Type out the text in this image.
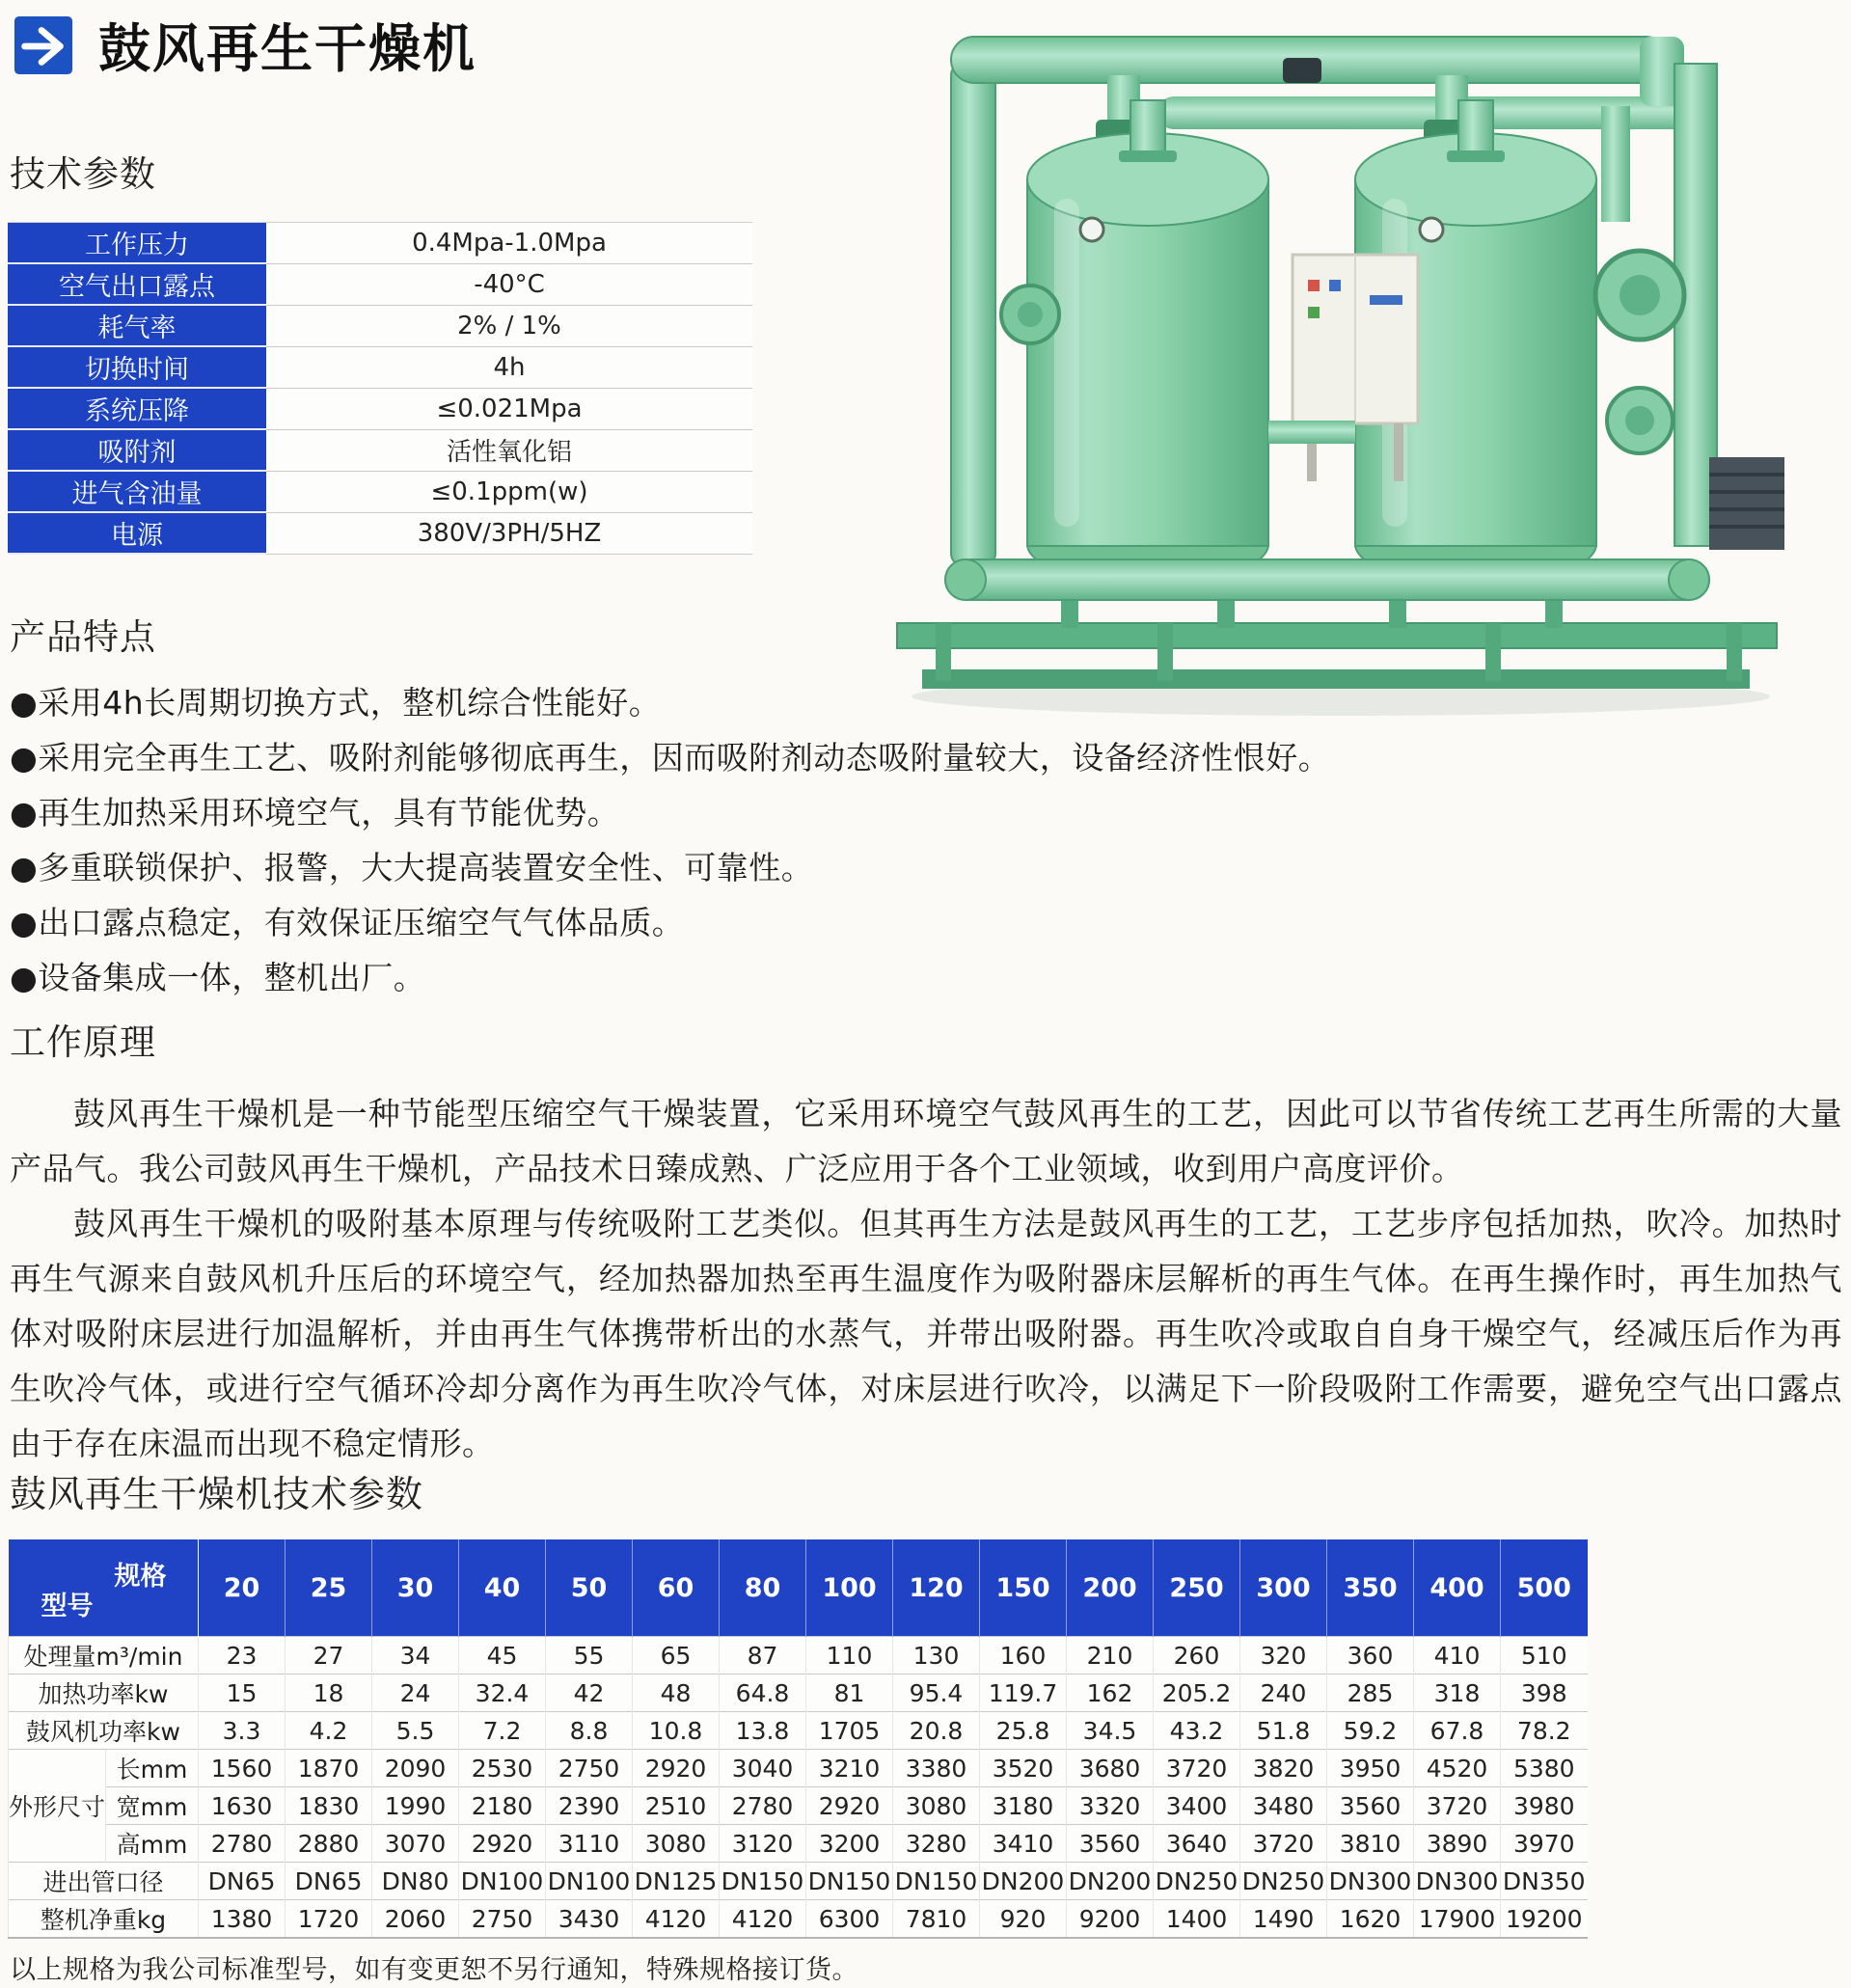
鼓风再生干燥机
技术参数
工作压力	0.4Mpa-1.0Mpa
空气出口露点	-40°C
耗气率	2% / 1%
切换时间	4h
系统压降	≤0.021Mpa
吸附剂	活性氧化铝
进气含油量	≤0.1ppm(w)
电源	380V/3PH/5HZ
产品特点
●采用4h长周期切换方式，整机综合性能好。
●采用完全再生工艺、吸附剂能够彻底再生，因而吸附剂动态吸附量较大，设备经济性恨好。
●再生加热采用环境空气，具有节能优势。
●多重联锁保护、报警，大大提高装置安全性、可靠性。
●出口露点稳定，有效保证压缩空气气体品质。
●设备集成一体，整机出厂。
工作原理

鼓风再生干燥机是一种节能型压缩空气干燥装置，它采用环境空气鼓风再生的工艺，因此可以节省传统工艺再生所需的大量产品气。我公司鼓风再生干燥机，产品技术日臻成熟、广泛应用于各个工业领域，收到用户高度评价。

鼓风再生干燥机的吸附基本原理与传统吸附工艺类似。但其再生方法是鼓风再生的工艺，工艺步序包括加热，吹冷。加热时再生气源来自鼓风机升压后的环境空气，经加热器加热至再生温度作为吸附器床层解析的再生气体。在再生操作时，再生加热气体对吸附床层进行加温解析，并由再生气体携带析出的水蒸气，并带出吸附器。再生吹冷或取自自身干燥空气，经减压后作为再生吹冷气体，或进行空气循环冷却分离作为再生吹冷气体，对床层进行吹冷，以满足下一阶段吸附工作需要，避免空气出口露点由于存在床温而出现不稳定情形。

鼓风再生干燥机技术参数
规格
型号		20	25	30	40	50	60	80	100	120	150	200	250	300	350	400	500
处理量m³/min		23	27	34	45	55	65	87	110	130	160	210	260	320	360	410	510
加热功率kw		15	18	24	32.4	42	48	64.8	81	95.4	119.7	162	205.2	240	285	318	398
鼓风机功率kw		3.3	4.2	5.5	7.2	8.8	10.8	13.8	1705	20.8	25.8	34.5	43.2	51.8	59.2	67.8	78.2
外形尺寸	长mm	1560	1870	2090	2530	2750	2920	3040	3210	3380	3520	3680	3720	3820	3950	4520	5380
	宽mm	1630	1830	1990	2180	2390	2510	2780	2920	3080	3180	3320	3400	3480	3560	3720	3980
	高mm	2780	2880	3070	2920	3110	3080	3120	3200	3280	3410	3560	3640	3720	3810	3890	3970
进出管口径		DN65	DN65	DN80	DN100	DN100	DN125	DN150	DN150	DN150	DN200	DN200	DN250	DN250	DN300	DN300	DN350
整机净重kg		1380	1720	2060	2750	3430	4120	4120	6300	7810	920	9200	1400	1490	1620	17900	19200
以上规格为我公司标准型号，如有变更恕不另行通知，特殊规格接订货。
